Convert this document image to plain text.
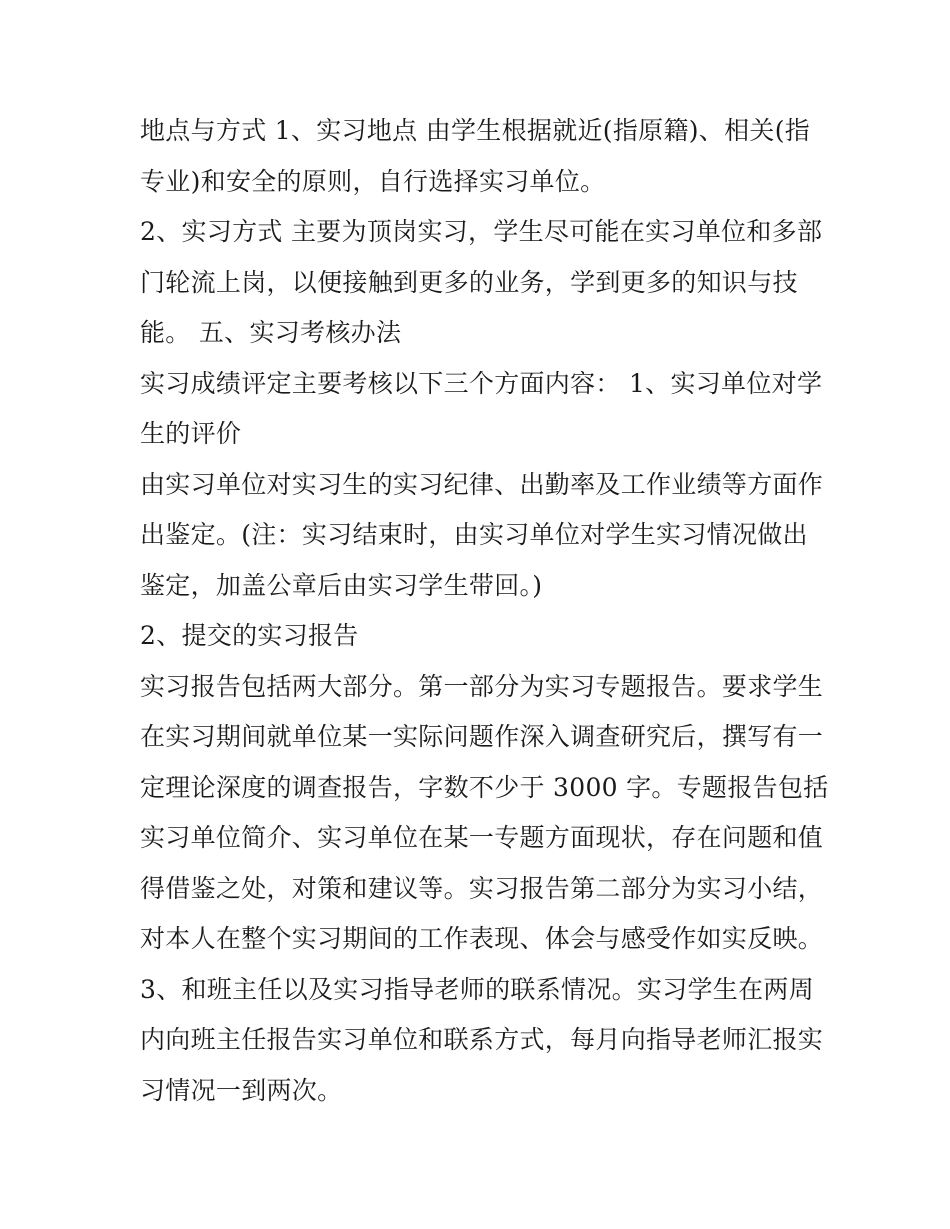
地点与方式 1、实习地点 由学生根据就近(指原籍)、相关(指
专业)和安全的原则，自行选择实习单位。
2、实习方式 主要为顶岗实习，学生尽可能在实习单位和多部
门轮流上岗，以便接触到更多的业务，学到更多的知识与技
能。 五、实习考核办法
实习成绩评定主要考核以下三个方面内容： 1、实习单位对学
生的评价
由实习单位对实习生的实习纪律、出勤率及工作业绩等方面作
出鉴定。(注：实习结束时，由实习单位对学生实习情况做出
鉴定，加盖公章后由实习学生带回。)
2、提交的实习报告
实习报告包括两大部分。第一部分为实习专题报告。要求学生
在实习期间就单位某一实际问题作深入调查研究后，撰写有一
定理论深度的调查报告，字数不少于 3000 字。专题报告包括
实习单位简介、实习单位在某一专题方面现状，存在问题和值
得借鉴之处，对策和建议等。实习报告第二部分为实习小结，
对本人在整个实习期间的工作表现、体会与感受作如实反映。
3、和班主任以及实习指导老师的联系情况。实习学生在两周
内向班主任报告实习单位和联系方式，每月向指导老师汇报实
习情况一到两次。
